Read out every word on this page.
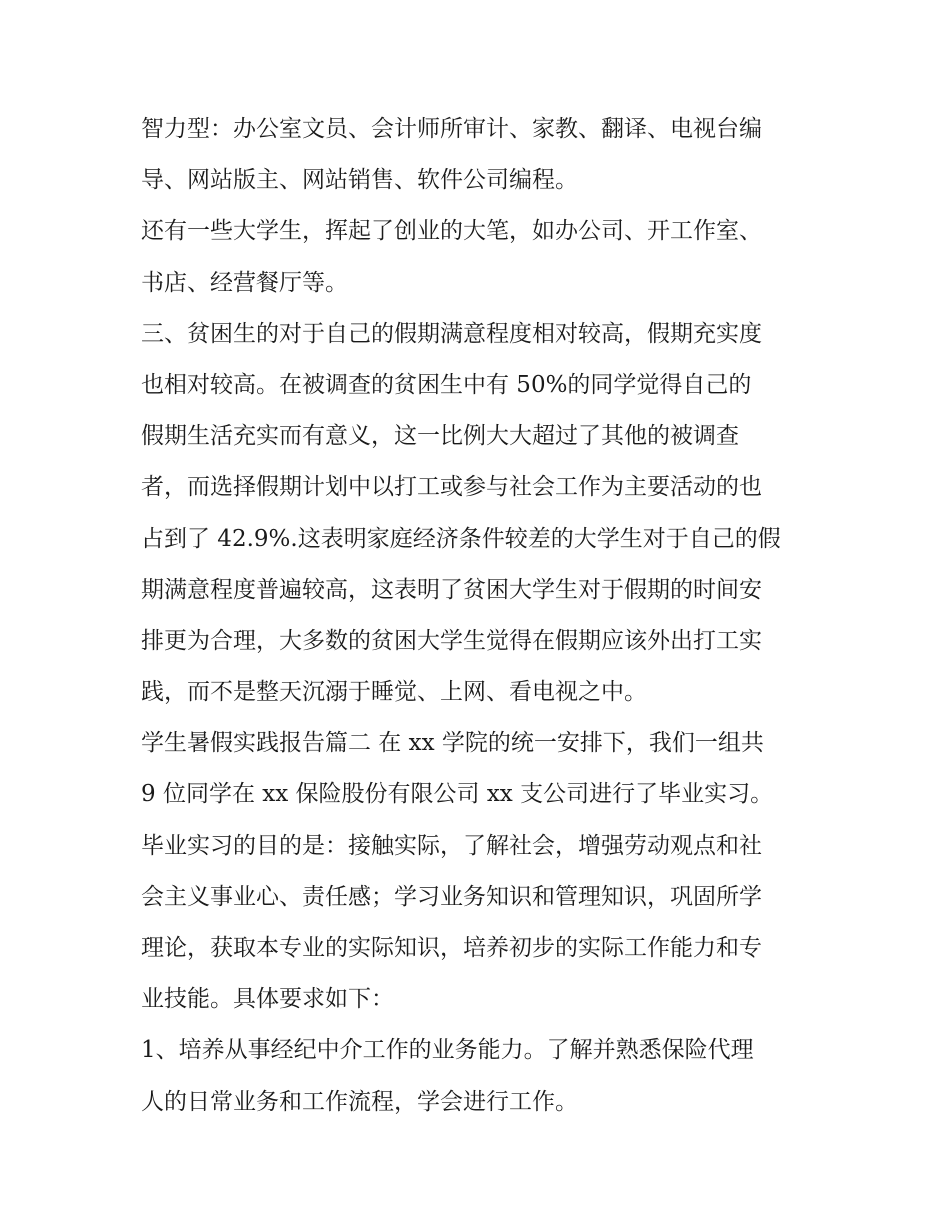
智力型：办公室文员、会计师所审计、家教、翻译、电视台编
导、网站版主、网站销售、软件公司编程。
还有一些大学生，挥起了创业的大笔，如办公司、开工作室、
书店、经营餐厅等。
三、贫困生的对于自己的假期满意程度相对较高，假期充实度
也相对较高。在被调查的贫困生中有 50%的同学觉得自己的
假期生活充实而有意义，这一比例大大超过了其他的被调查
者，而选择假期计划中以打工或参与社会工作为主要活动的也
占到了 42.9%.这表明家庭经济条件较差的大学生对于自己的假
期满意程度普遍较高，这表明了贫困大学生对于假期的时间安
排更为合理，大多数的贫困大学生觉得在假期应该外出打工实
践，而不是整天沉溺于睡觉、上网、看电视之中。
学生暑假实践报告篇二 在 xx 学院的统一安排下，我们一组共
9 位同学在 xx 保险股份有限公司 xx 支公司进行了毕业实习。
毕业实习的目的是：接触实际，了解社会，增强劳动观点和社
会主义事业心、责任感；学习业务知识和管理知识，巩固所学
理论，获取本专业的实际知识，培养初步的实际工作能力和专
业技能。具体要求如下：
1、培养从事经纪中介工作的业务能力。了解并熟悉保险代理
人的日常业务和工作流程，学会进行工作。
